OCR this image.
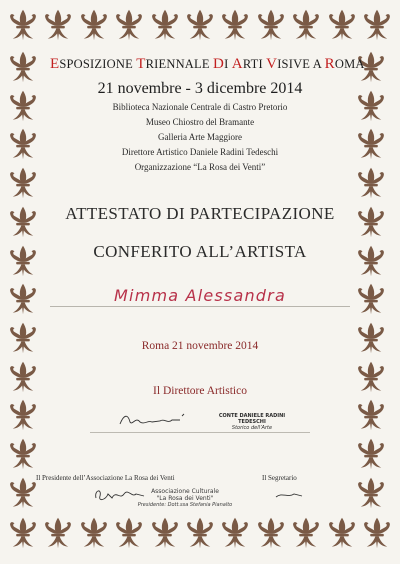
ESPOSIZIONE TRIENNALE DI ARTI VISIVE A ROMA
21 novembre - 3 dicembre 2014
Biblioteca Nazionale Centrale di Castro Pretorio
Museo Chiostro del Bramante
Galleria Arte Maggiore
Direttore Artistico Daniele Radini Tedeschi
Organizzazione “La Rosa dei Venti”
ATTESTATO DI PARTECIPAZIONE
CONFERITO ALL’ARTISTA
Mimma Alessandra
Roma 21 novembre 2014
Il Direttore Artistico
CONTE DANIELE RADINI TEDESCHI
Storico dell’Arte
Il Presidente dell’Associazione La Rosa dei Venti	Il Segretario
Associazione Culturale
"La Rosa dei Venti"
Presidente: Dott.ssa Stefania Pianalto
